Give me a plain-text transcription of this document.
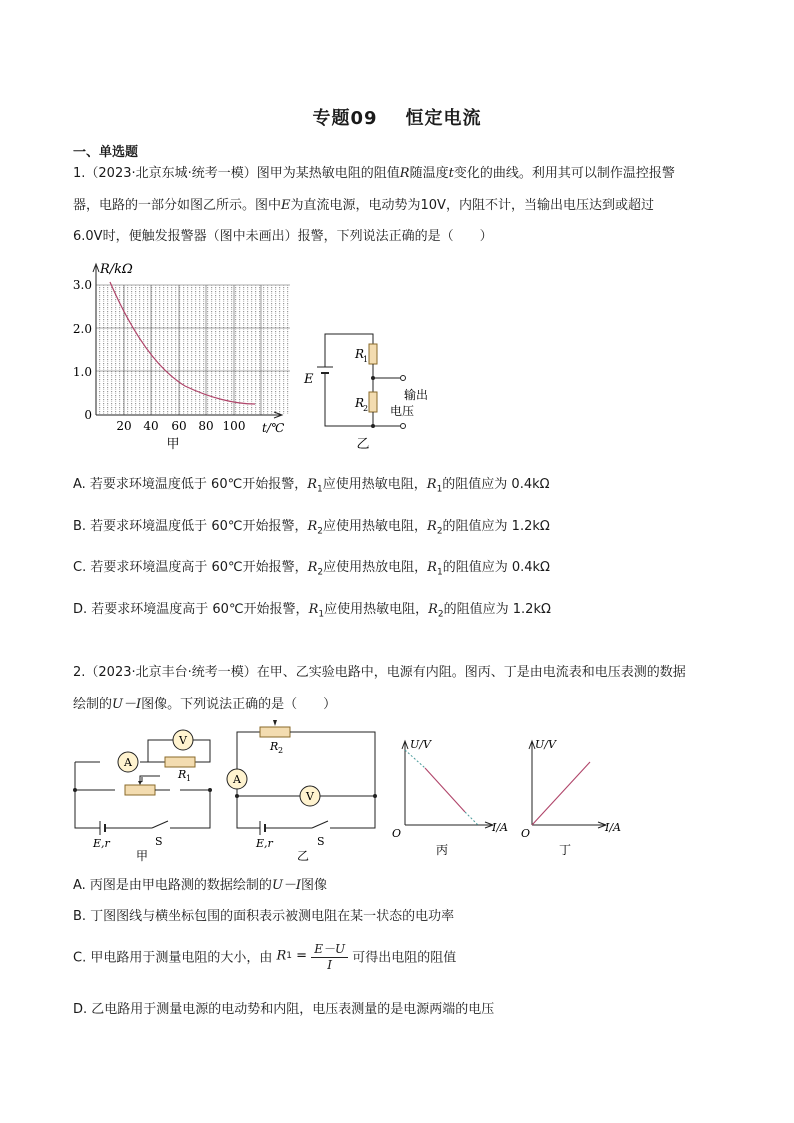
专题09 恒定电流
一、单选题
1.（2023·北京东城·统考一模）图甲为某热敏电阻的阻值R随温度t变化的曲线。利用其可以制作温控报警
器，电路的一部分如图乙所示。图中E为直流电源，电动势为10V，内阻不计，当输出电压达到或超过
6.0V时，便触发报警器（图中未画出）报警，下列说法正确的是（　　）
R/kΩ
0
1.0
2.0
3.0
20 40 60 80 100 t/℃
甲
E
R
1
R
2
输出
电压
乙
A. 若要求环境温度低于 60℃开始报警，$R_1$应使用热敏电阻，$R_1$的阻值应为 0.4kΩ
B. 若要求环境温度低于 60℃开始报警，$R_2$应使用热敏电阻，$R_2$的阻值应为 1.2kΩ
C. 若要求环境温度高于 60℃开始报警，$R_2$应使用热放电阻，$R_1$的阻值应为 0.4kΩ
D. 若要求环境温度高于 60℃开始报警，$R_1$应使用热敏电阻，$R_2$的阻值应为 1.2kΩ
2.（2023·北京丰台·统考一模）在甲、乙实验电路中，电源有内阻。图丙、丁是由电流表和电压表测的数据
绘制的U－I图像。下列说法正确的是（　　）
A
V
R 1
E,r	S
甲
R 2
A
V
E,r	S
乙
U/V
I/A
O
丙
U/V
I/A
O
丁
A. 丙图是由甲电路测的数据绘制的U－I图像
B. 丁图图线与横坐标包围的面积表示被测电阻在某一状态的电功率
C. 甲电路用于测量电阻的大小，由 $R1 = \frac{E-U}{I}$ 可得出电阻的阻值
D. 乙电路用于测量电源的电动势和内阻，电压表测量的是电源两端的电压
